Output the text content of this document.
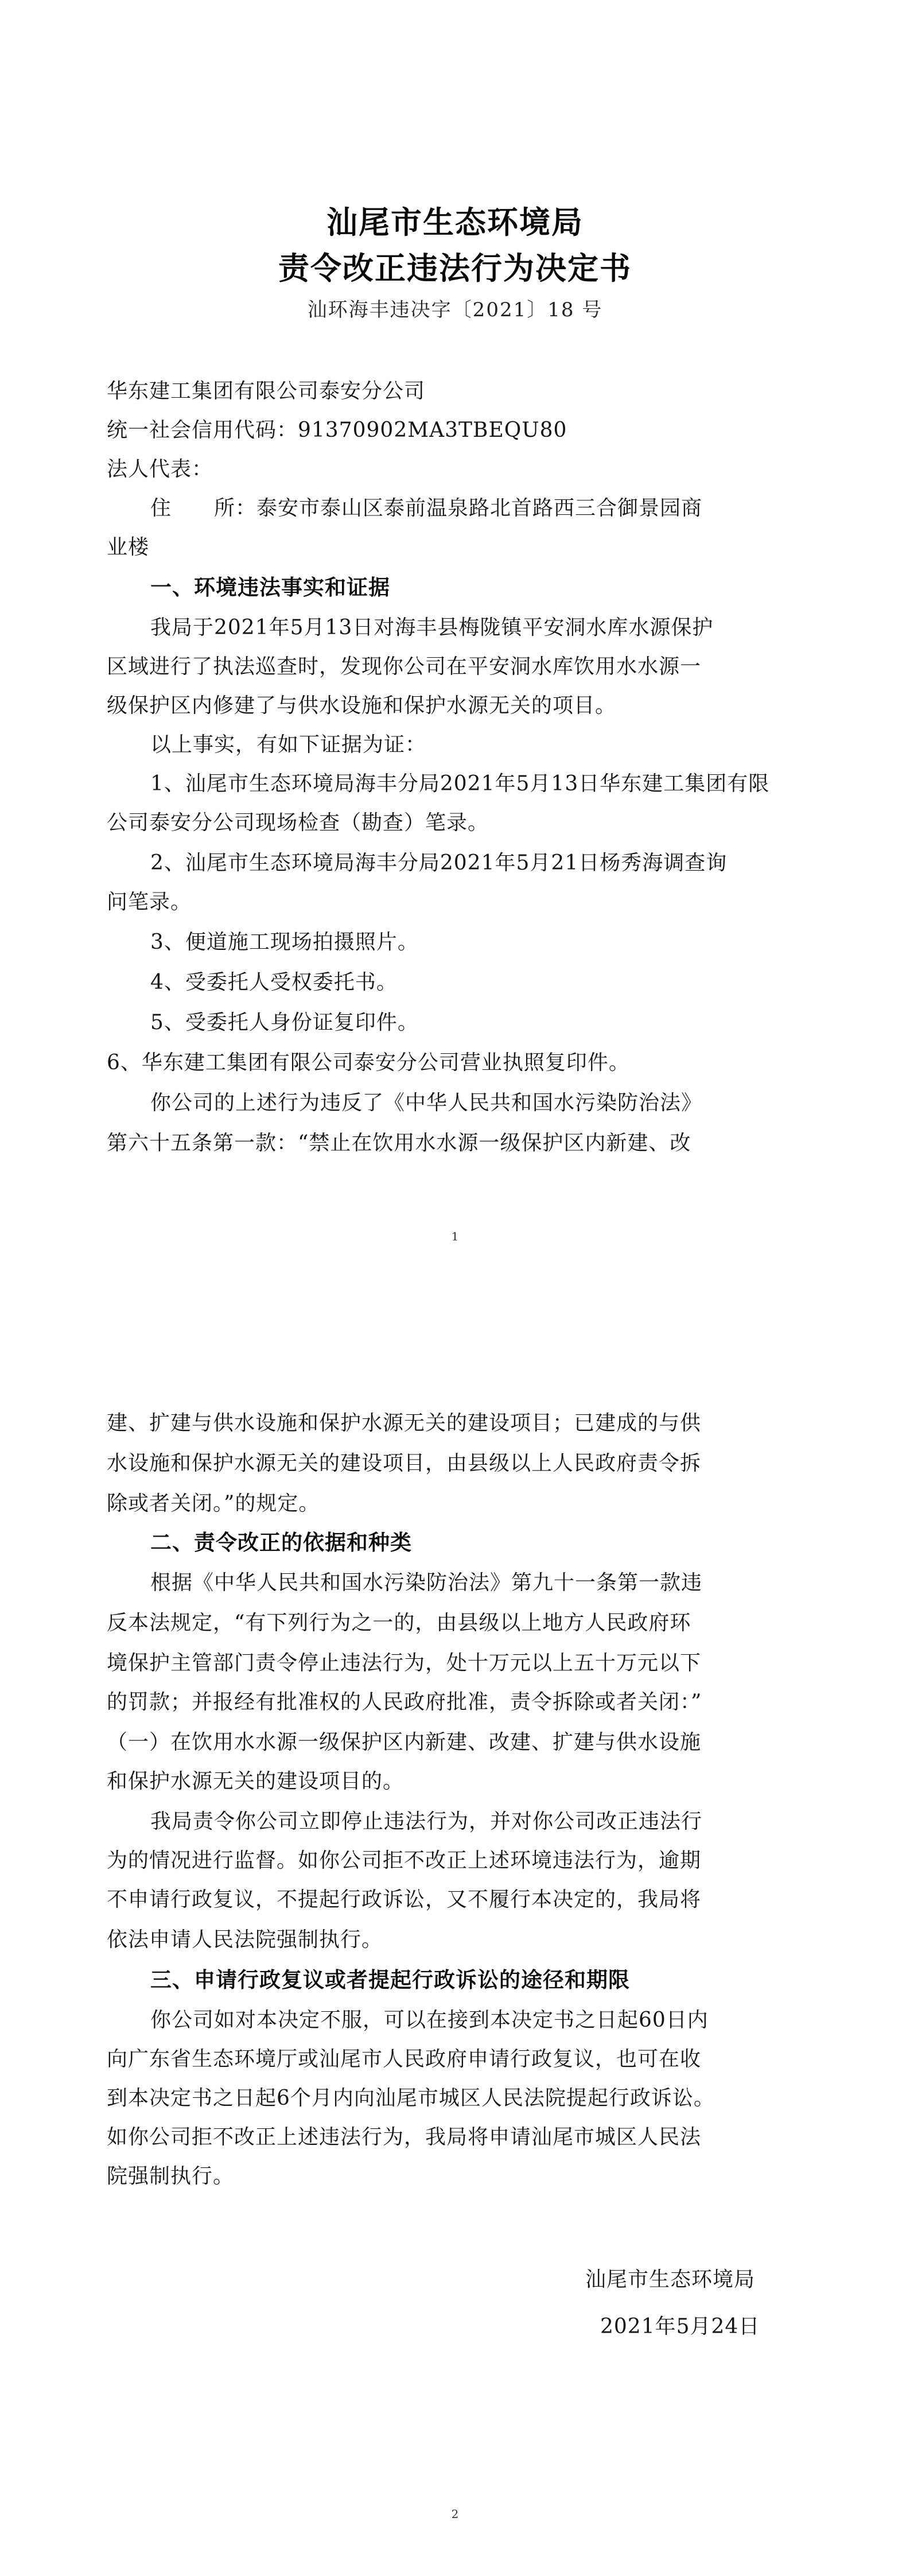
汕尾市生态环境局
责令改正违法行为决定书
汕环海丰违决字〔2021〕18 号
华东建工集团有限公司泰安分公司
统一社会信用代码：91370902MA3TBEQU80
法人代表：
住　　所：泰安市泰山区泰前温泉路北首路西三合御景园商
业楼
一、环境违法事实和证据
我局于2021年5月13日对海丰县梅陇镇平安洞水库水源保护
区域进行了执法巡查时，发现你公司在平安洞水库饮用水水源一
级保护区内修建了与供水设施和保护水源无关的项目。
以上事实，有如下证据为证：
1、汕尾市生态环境局海丰分局2021年5月13日华东建工集团有限
公司泰安分公司现场检查（勘查）笔录。
2、汕尾市生态环境局海丰分局2021年5月21日杨秀海调查询
问笔录。
3、便道施工现场拍摄照片。
4、受委托人受权委托书。
5、受委托人身份证复印件。
6、华东建工集团有限公司泰安分公司营业执照复印件。
你公司的上述行为违反了《中华人民共和国水污染防治法》
第六十五条第一款：“禁止在饮用水水源一级保护区内新建、改
1
建、扩建与供水设施和保护水源无关的建设项目；已建成的与供
水设施和保护水源无关的建设项目，由县级以上人民政府责令拆
除或者关闭。”的规定。
二、责令改正的依据和种类
根据《中华人民共和国水污染防治法》第九十一条第一款违
反本法规定，“有下列行为之一的，由县级以上地方人民政府环
境保护主管部门责令停止违法行为，处十万元以上五十万元以下
的罚款；并报经有批准权的人民政府批准，责令拆除或者关闭：”
（一）在饮用水水源一级保护区内新建、改建、扩建与供水设施
和保护水源无关的建设项目的。
我局责令你公司立即停止违法行为，并对你公司改正违法行
为的情况进行监督。如你公司拒不改正上述环境违法行为，逾期
不申请行政复议，不提起行政诉讼，又不履行本决定的，我局将
依法申请人民法院强制执行。
三、申请行政复议或者提起行政诉讼的途径和期限
你公司如对本决定不服，可以在接到本决定书之日起60日内
向广东省生态环境厅或汕尾市人民政府申请行政复议，也可在收
到本决定书之日起6个月内向汕尾市城区人民法院提起行政诉讼。
如你公司拒不改正上述违法行为，我局将申请汕尾市城区人民法
院强制执行。
汕尾市生态环境局
2021年5月24日
2
